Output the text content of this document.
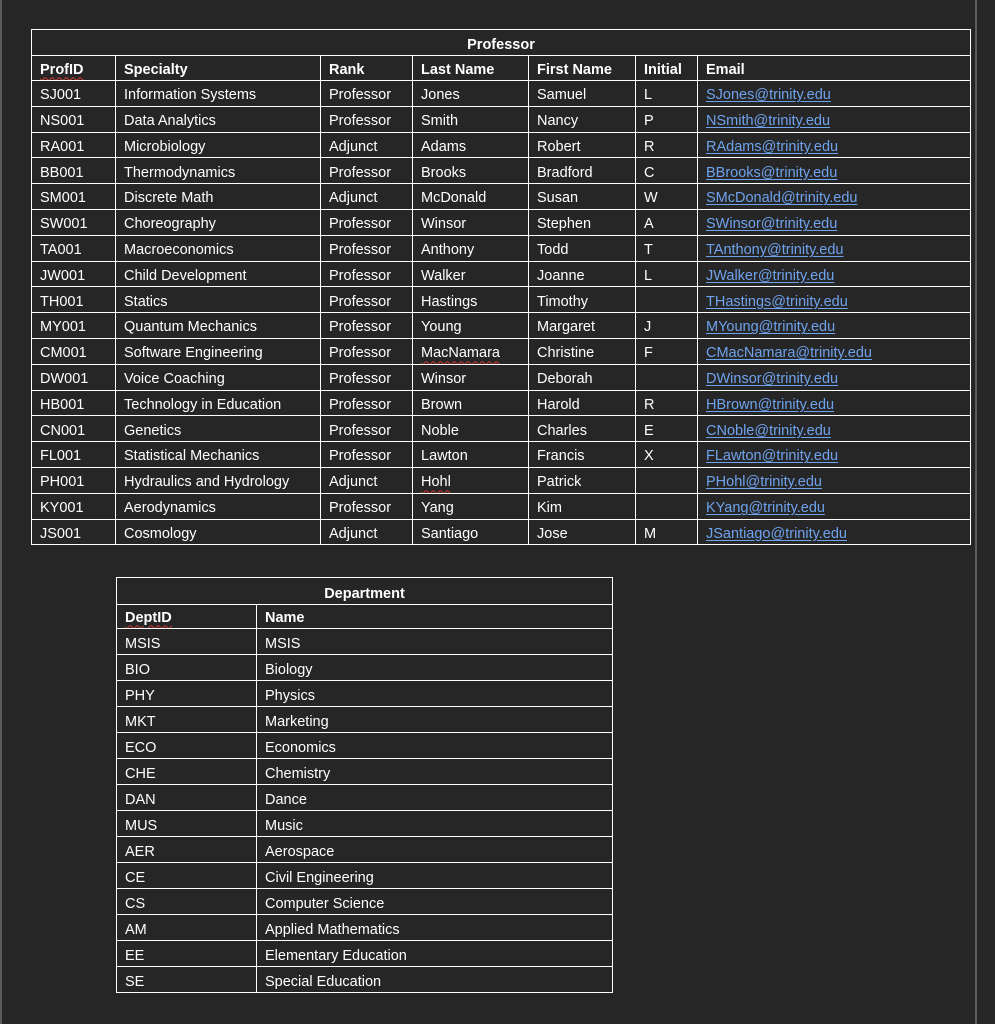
Professor						
ProfID	Specialty	Rank	Last Name	First Name	Initial	Email
SJ001	Information Systems	Professor	Jones	Samuel	L	SJones@trinity.edu
NS001	Data Analytics	Professor	Smith	Nancy	P	NSmith@trinity.edu
RA001	Microbiology	Adjunct	Adams	Robert	R	RAdams@trinity.edu
BB001	Thermodynamics	Professor	Brooks	Bradford	C	BBrooks@trinity.edu
SM001	Discrete Math	Adjunct	McDonald	Susan	W	SMcDonald@trinity.edu
SW001	Choreography	Professor	Winsor	Stephen	A	SWinsor@trinity.edu
TA001	Macroeconomics	Professor	Anthony	Todd	T	TAnthony@trinity.edu
JW001	Child Development	Professor	Walker	Joanne	L	JWalker@trinity.edu
TH001	Statics	Professor	Hastings	Timothy		THastings@trinity.edu
MY001	Quantum Mechanics	Professor	Young	Margaret	J	MYoung@trinity.edu
CM001	Software Engineering	Professor	MacNamara	Christine	F	CMacNamara@trinity.edu
DW001	Voice Coaching	Professor	Winsor	Deborah		DWinsor@trinity.edu
HB001	Technology in Education	Professor	Brown	Harold	R	HBrown@trinity.edu
CN001	Genetics	Professor	Noble	Charles	E	CNoble@trinity.edu
FL001	Statistical Mechanics	Professor	Lawton	Francis	X	FLawton@trinity.edu
PH001	Hydraulics and Hydrology	Adjunct	Hohl	Patrick		PHohl@trinity.edu
KY001	Aerodynamics	Professor	Yang	Kim		KYang@trinity.edu
JS001	Cosmology	Adjunct	Santiago	Jose	M	JSantiago@trinity.edu
Department	
DeptID	Name
MSIS	MSIS
BIO	Biology
PHY	Physics
MKT	Marketing
ECO	Economics
CHE	Chemistry
DAN	Dance
MUS	Music
AER	Aerospace
CE	Civil Engineering
CS	Computer Science
AM	Applied Mathematics
EE	Elementary Education
SE	Special Education
